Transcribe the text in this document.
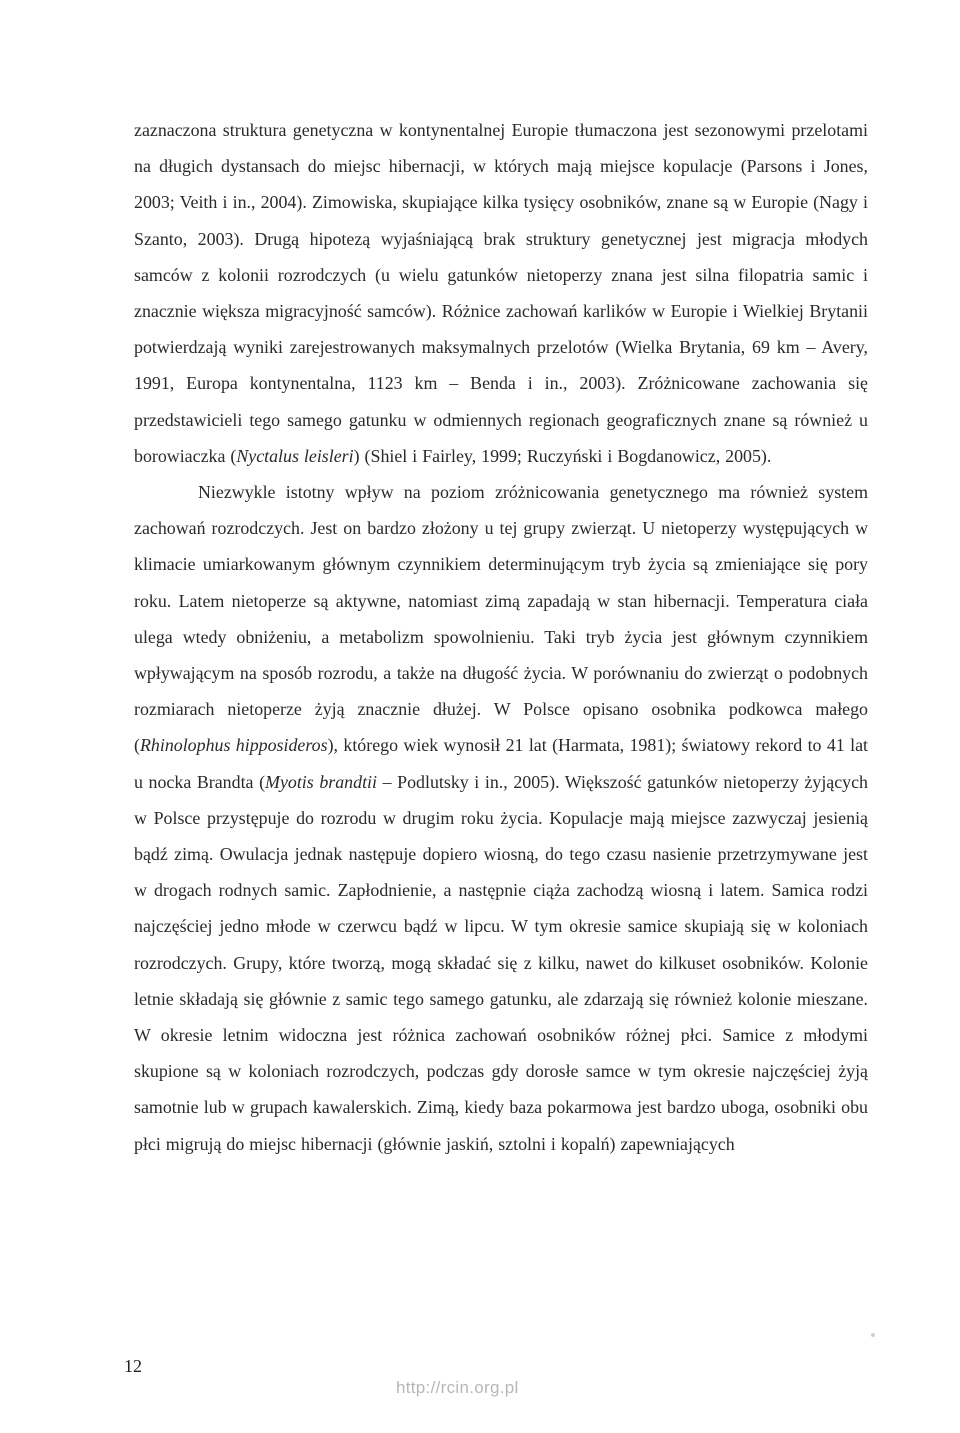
zaznaczona struktura genetyczna w kontynentalnej Europie tłumaczona jest sezonowymi przelotami na długich dystansach do miejsc hibernacji, w których mają miejsce kopulacje (Parsons i Jones, 2003; Veith i in., 2004). Zimowiska, skupiające kilka tysięcy osobników, znane są w Europie (Nagy i Szanto, 2003). Drugą hipotezą wyjaśniającą brak struktury genetycznej jest migracja młodych samców z kolonii rozrodczych (u wielu gatunków nietoperzy znana jest silna filopatria samic i znacznie większa migracyjność samców). Różnice zachowań karlików w Europie i Wielkiej Brytanii potwierdzają wyniki zarejestrowanych maksymalnych przelotów (Wielka Brytania, 69 km – Avery, 1991, Europa kontynentalna, 1123 km – Benda i in., 2003). Zróżnicowane zachowania się przedstawicieli tego samego gatunku w odmiennych regionach geograficznych znane są również u borowiaczka (Nyctalus leisleri) (Shiel i Fairley, 1999; Ruczyński i Bogdanowicz, 2005).

Niezwykle istotny wpływ na poziom zróżnicowania genetycznego ma również system zachowań rozrodczych. Jest on bardzo złożony u tej grupy zwierząt. U nietoperzy występujących w klimacie umiarkowanym głównym czynnikiem determinującym tryb życia są zmieniające się pory roku. Latem nietoperze są aktywne, natomiast zimą zapadają w stan hibernacji. Temperatura ciała ulega wtedy obniżeniu, a metabolizm spowolnieniu. Taki tryb życia jest głównym czynnikiem wpływającym na sposób rozrodu, a także na długość życia. W porównaniu do zwierząt o podobnych rozmiarach nietoperze żyją znacznie dłużej. W Polsce opisano osobnika podkowca małego (Rhinolophus hipposideros), którego wiek wynosił 21 lat (Harmata, 1981); światowy rekord to 41 lat u nocka Brandta (Myotis brandtii – Podlutsky i in., 2005). Większość gatunków nietoperzy żyjących w Polsce przystępuje do rozrodu w drugim roku życia. Kopulacje mają miejsce zazwyczaj jesienią bądź zimą. Owulacja jednak następuje dopiero wiosną, do tego czasu nasienie przetrzymywane jest w drogach rodnych samic. Zapłodnienie, a następnie ciąża zachodzą wiosną i latem. Samica rodzi najczęściej jedno młode w czerwcu bądź w lipcu. W tym okresie samice skupiają się w koloniach rozrodczych. Grupy, które tworzą, mogą składać się z kilku, nawet do kilkuset osobników. Kolonie letnie składają się głównie z samic tego samego gatunku, ale zdarzają się również kolonie mieszane. W okresie letnim widoczna jest różnica zachowań osobników różnej płci. Samice z młodymi skupione są w koloniach rozrodczych, podczas gdy dorosłe samce w tym okresie najczęściej żyją samotnie lub w grupach kawalerskich. Zimą, kiedy baza pokarmowa jest bardzo uboga, osobniki obu płci migrują do miejsc hibernacji (głównie jaskiń, sztolni i kopalń) zapewniających

12
http://rcin.org.pl
